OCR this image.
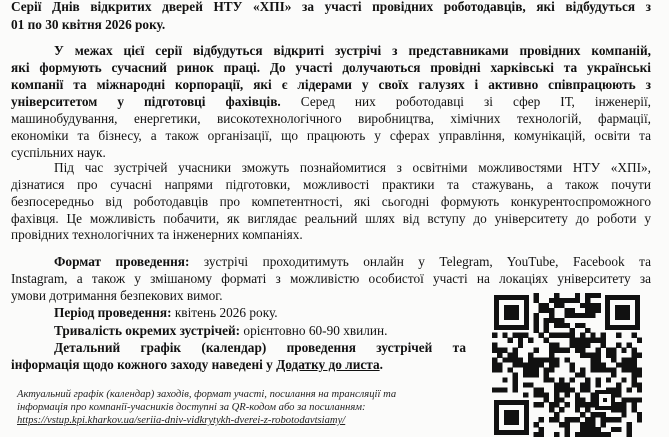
Серії Днів відкритих дверей НТУ «ХПІ» за участі провідних роботодавців, які відбудуться з
01 по 30 квітня 2026 року.
У межах цієї серії відбудуться відкриті зустрічі з представниками провідних компаній,
які формують сучасний ринок праці. До участі долучаються провідні харківські та українські
компанії та міжнародні корпорації, які є лідерами у своїх галузях і активно співпрацюють з
університетом у підготовці фахівців. Серед них роботодавці зі сфер ІТ, інженерії,
машинобудування, енергетики, високотехнологічного виробництва, хімічних технологій, фармації,
економіки та бізнесу, а також організації, що працюють у сферах управління, комунікацій, освіти та
суспільних наук.
Під час зустрічей учасники зможуть познайомитися з освітніми можливостями НТУ «ХПІ»,
дізнатися про сучасні напрями підготовки, можливості практики та стажувань, а також почути
безпосередньо від роботодавців про компетентності, які сьогодні формують конкурентоспроможного
фахівця. Це можливість побачити, як виглядає реальний шлях від вступу до університету до роботи у
провідних технологічних та інженерних компаніях.
Формат проведення: зустрічі проходитимуть онлайн у Telegram, YouTube, Facebook та
Instagram, а також у змішаному форматі з можливістю особистої участі на локаціях університету за
умови дотримання безпекових вимог.
Період проведення: квітень 2026 року.
Тривалість окремих зустрічей: орієнтовно 60-90 хвилин.
Детальний графік (календар) проведення зустрічей та
інформація щодо кожного заходу наведені у Додатку до листа.
Актуальний графік (календар) заходів, формат участі, посилання на трансляції та
інформація про компанії-учасників доступні за QR-кодом або за посиланням:
https://vstup.kpi.kharkov.ua/seriia-dniv-vidkrytykh-dverei-z-robotodavtsiamy/
